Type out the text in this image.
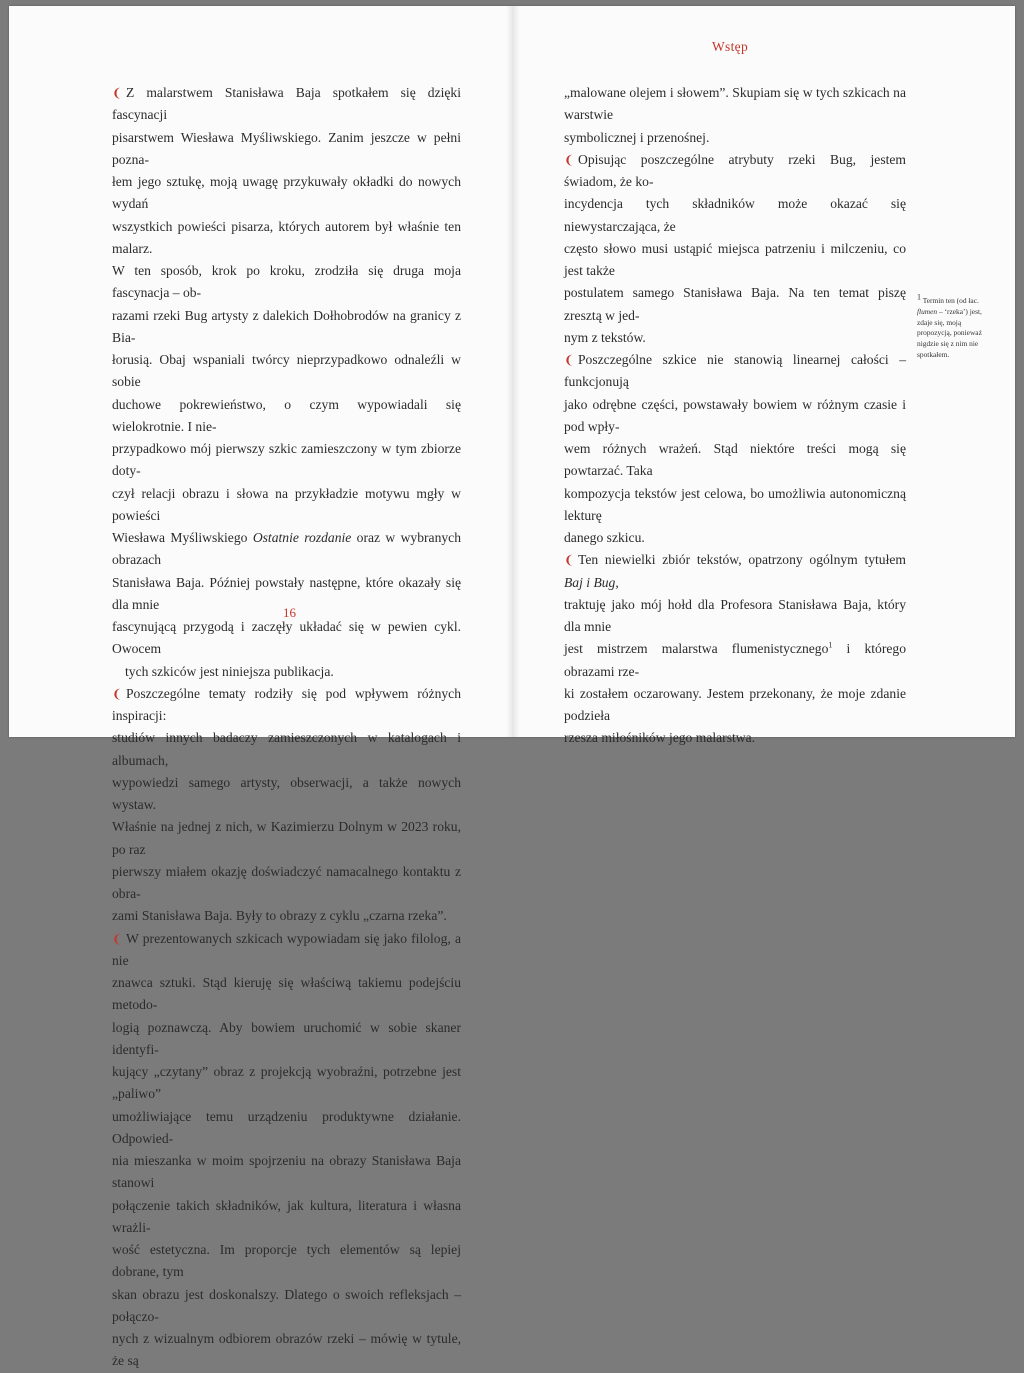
Wstęp

❨ Z malarstwem Stanisława Baja spotkałem się dzięki fascynacji
pisarstwem Wiesława Myśliwskiego. Zanim jeszcze w pełni pozna-
łem jego sztukę, moją uwagę przykuwały okładki do nowych wydań
wszystkich powieści pisarza, których autorem był właśnie ten malarz.
W ten sposób, krok po kroku, zrodziła się druga moja fascynacja – ob-
razami rzeki Bug artysty z dalekich Dołhobrodów na granicy z Bia-
łorusią. Obaj wspaniali twórcy nieprzypadkowo odnaleźli w sobie
duchowe pokrewieństwo, o czym wypowiadali się wielokrotnie. I nie-
przypadkowo mój pierwszy szkic zamieszczony w tym zbiorze doty-
czył relacji obrazu i słowa na przykładzie motywu mgły w powieści
Wiesława Myśliwskiego Ostatnie rozdanie oraz w wybranych obrazach
Stanisława Baja. Później powstały następne, które okazały się dla mnie
fascynującą przygodą i zaczęły układać się w pewien cykl. Owocem
tych szkiców jest niniejsza publikacja.

❨ Poszczególne tematy rodziły się pod wpływem różnych inspiracji:
studiów innych badaczy zamieszczonych w katalogach i albumach,
wypowiedzi samego artysty, obserwacji, a także nowych wystaw.
Właśnie na jednej z nich, w Kazimierzu Dolnym w 2023 roku, po raz
pierwszy miałem okazję doświadczyć namacalnego kontaktu z obra-
zami Stanisława Baja. Były to obrazy z cyklu „czarna rzeka”.

❨ W prezentowanych szkicach wypowiadam się jako filolog, a nie
znawca sztuki. Stąd kieruję się właściwą takiemu podejściu metodo-
logią poznawczą. Aby bowiem uruchomić w sobie skaner identyfi-
kujący „czytany” obraz z projekcją wyobraźni, potrzebne jest „paliwo”
umożliwiające temu urządzeniu produktywne działanie. Odpowied-
nia mieszanka w moim spojrzeniu na obrazy Stanisława Baja stanowi
połączenie takich składników, jak kultura, literatura i własna wrażli-
wość estetyczna. Im proporcje tych elementów są lepiej dobrane, tym
skan obrazu jest doskonalszy. Dlatego o swoich refleksjach – połączo-
nych z wizualnym odbiorem obrazów rzeki – mówię w tytule, że są

16

„malowane olejem i słowem”. Skupiam się w tych szkicach na warstwie
symbolicznej i przenośnej.

❨ Opisując poszczególne atrybuty rzeki Bug, jestem świadom, że ko-
incydencja tych składników może okazać się niewystarczająca, że
często słowo musi ustąpić miejsca patrzeniu i milczeniu, co jest także
postulatem samego Stanisława Baja. Na ten temat piszę zresztą w jed-
nym z tekstów.

❨ Poszczególne szkice nie stanowią linearnej całości – funkcjonują
jako odrębne części, powstawały bowiem w różnym czasie i pod wpły-
wem różnych wrażeń. Stąd niektóre treści mogą się powtarzać. Taka
kompozycja tekstów jest celowa, bo umożliwia autonomiczną lekturę
danego szkicu.

❨ Ten niewielki zbiór tekstów, opatrzony ogólnym tytułem Baj i Bug,
traktuję jako mój hołd dla Profesora Stanisława Baja, który dla mnie
jest mistrzem malarstwa flumenistycznego$^1$ i którego obrazami rze-
ki zostałem oczarowany. Jestem przekonany, że moje zdanie podzieła
rzesza miłośników jego malarstwa.

$^1$ Termin ten (od łac. flumen – ‘rzeka’) jest, zdaje się, moją propozycją, ponieważ nigdzie się z nim nie spotkałem.
